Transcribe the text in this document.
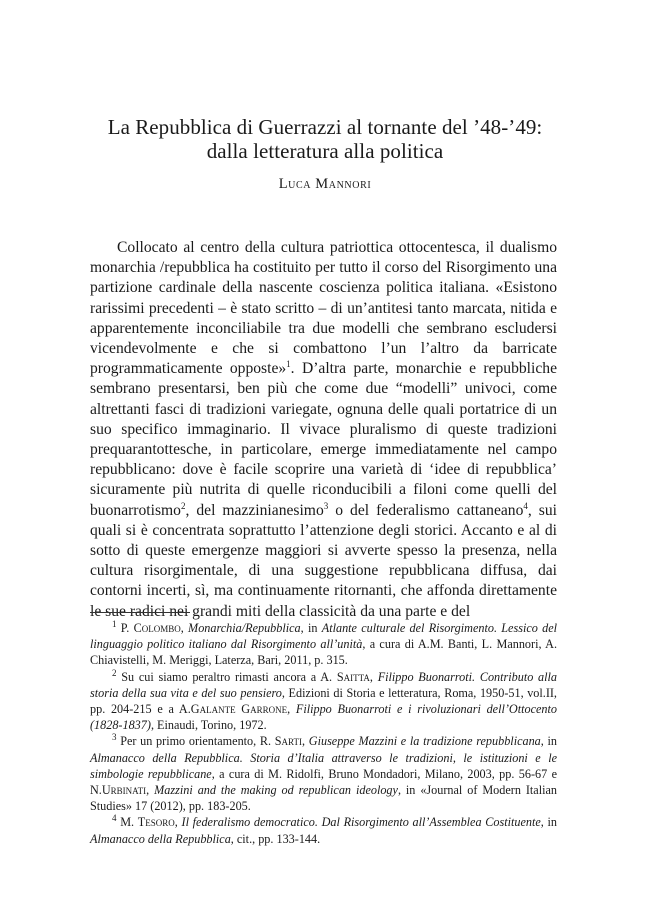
La Repubblica di Guerrazzi al tornante del ’48-’49:
dalla letteratura alla politica
Luca Mannori

Collocato al centro della cultura patriottica ottocentesca, il dualismo monarchia /repubblica ha costituito per tutto il corso del Risorgimento una partizione cardinale della nascente coscienza politica italiana. «Esistono rarissimi precedenti – è stato scritto – di un’antitesi tanto marcata, nitida e apparentemente inconciliabile tra due modelli che sembrano escludersi vicendevolmente e che si combattono l’un l’altro da barricate programmaticamente opposte»$^1$. D’altra parte, monarchie e repubbliche sembrano presentarsi, ben più che come due “modelli” univoci, come altrettanti fasci di tradizioni variegate, ognuna delle quali portatrice di un suo specifico immaginario. Il vivace pluralismo di queste tradizioni prequarantottesche, in particolare, emerge immediatamente nel campo repubblicano: dove è facile scoprire una varietà di ‘idee di repubblica’ sicuramente più nutrita di quelle riconducibili a filoni come quelli del buonarrotismo$^2$, del mazzinianesimo$^3$ o del federalismo cattaneano$^4$, sui quali si è concentrata soprattutto l’attenzione degli storici. Accanto e al di sotto di queste emergenze maggiori si avverte spesso la presenza, nella cultura risorgimentale, di una suggestione repubblicana diffusa, dai contorni incerti, sì, ma continuamente ritornanti, che affonda direttamente le sue radici nei grandi miti della classicità da una parte e del

$^1$ P. Colombo, Monarchia/Repubblica, in Atlante culturale del Risorgimento. Lessico del linguaggio politico italiano dal Risorgimento all’unità, a cura di A.M. Banti, L. Mannori, A. Chiavistelli, M. Meriggi, Laterza, Bari, 2011, p. 315.

$^2$ Su cui siamo peraltro rimasti ancora a A. Saitta, Filippo Buonarroti. Contributo alla storia della sua vita e del suo pensiero, Edizioni di Storia e letteratura, Roma, 1950-51, vol.II, pp. 204-215 e a A.Galante Garrone, Filippo Buonarroti e i rivoluzionari dell’Ottocento (1828-1837), Einaudi, Torino, 1972.

$^3$ Per un primo orientamento, R. Sarti, Giuseppe Mazzini e la tradizione repubblicana, in Almanacco della Repubblica. Storia d’Italia attraverso le tradizioni, le istituzioni e le simbologie repubblicane, a cura di M. Ridolfi, Bruno Mondadori, Milano, 2003, pp. 56-67 e N.Urbinati, Mazzini and the making od republican ideology, in «Journal of Modern Italian Studies» 17 (2012), pp. 183-205.

$^4$ M. Tesoro, Il federalismo democratico. Dal Risorgimento all’Assemblea Costituente, in Almanacco della Repubblica, cit., pp. 133-144.
